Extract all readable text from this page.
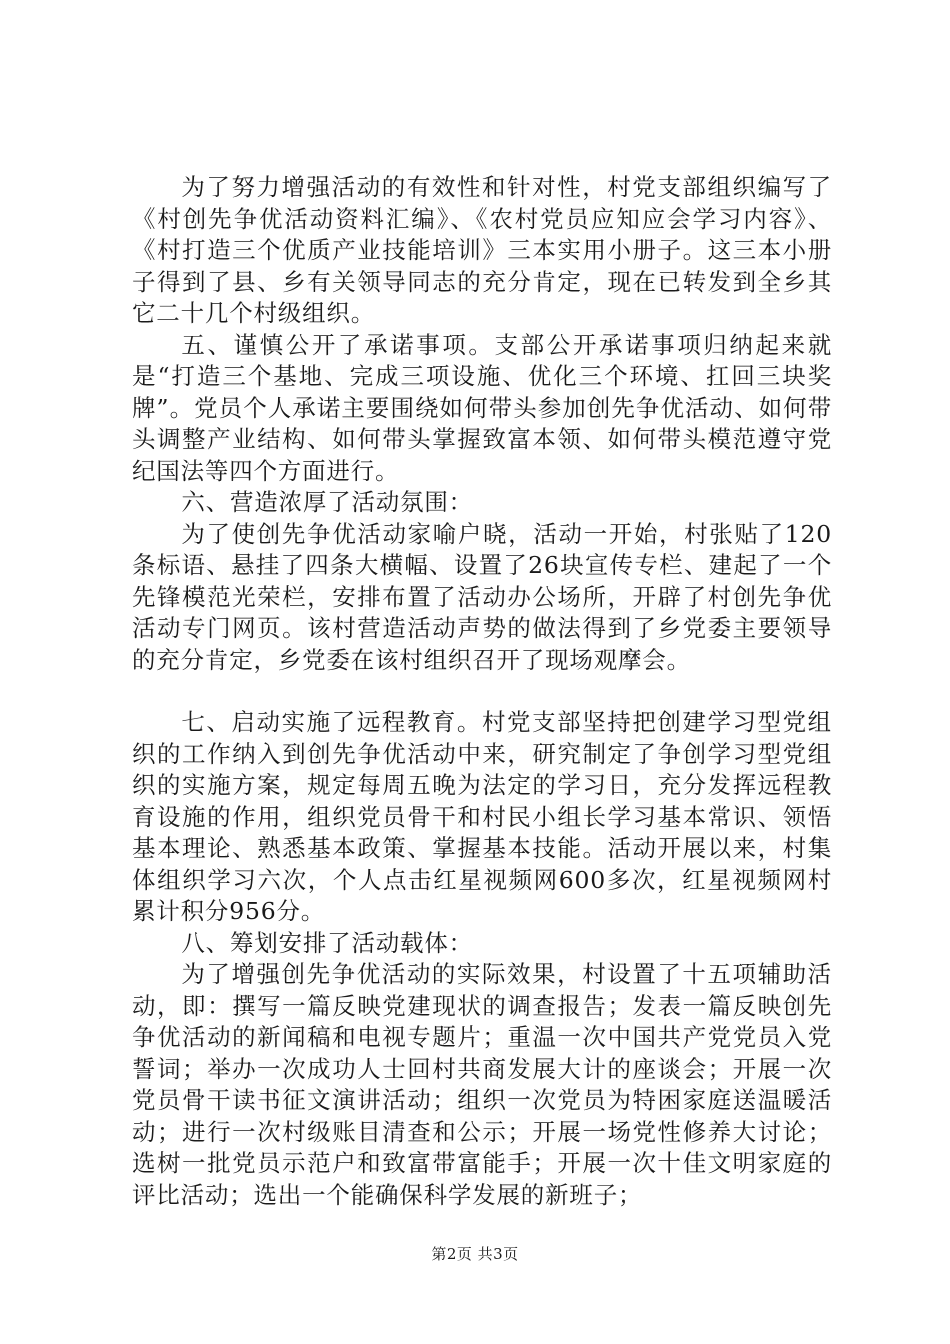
为了努力增强活动的有效性和针对性，村党支部组织编写了《村创先争优活动资料汇编》、《农村党员应知应会学习内容》、《村打造三个优质产业技能培训》三本实用小册子。这三本小册子得到了县、乡有关领导同志的充分肯定，现在已转发到全乡其它二十几个村级组织。

五、谨慎公开了承诺事项。支部公开承诺事项归纳起来就是“打造三个基地、完成三项设施、优化三个环境、扛回三块奖牌”。党员个人承诺主要围绕如何带头参加创先争优活动、如何带头调整产业结构、如何带头掌握致富本领、如何带头模范遵守党纪国法等四个方面进行。

六、营造浓厚了活动氛围：

为了使创先争优活动家喻户晓，活动一开始，村张贴了120条标语、悬挂了四条大横幅、设置了26块宣传专栏、建起了一个先锋模范光荣栏，安排布置了活动办公场所，开辟了村创先争优活动专门网页。该村营造活动声势的做法得到了乡党委主要领导的充分肯定，乡党委在该村组织召开了现场观摩会。

七、启动实施了远程教育。村党支部坚持把创建学习型党组织的工作纳入到创先争优活动中来，研究制定了争创学习型党组织的实施方案，规定每周五晚为法定的学习日，充分发挥远程教育设施的作用，组织党员骨干和村民小组长学习基本常识、领悟基本理论、熟悉基本政策、掌握基本技能。活动开展以来，村集体组织学习六次，个人点击红星视频网600多次，红星视频网村累计积分956分。

八、筹划安排了活动载体：

为了增强创先争优活动的实际效果，村设置了十五项辅助活动，即：撰写一篇反映党建现状的调查报告；发表一篇反映创先争优活动的新闻稿和电视专题片；重温一次中国共产党党员入党誓词；举办一次成功人士回村共商发展大计的座谈会；开展一次党员骨干读书征文演讲活动；组织一次党员为特困家庭送温暖活动；进行一次村级账目清查和公示；开展一场党性修养大讨论；选树一批党员示范户和致富带富能手；开展一次十佳文明家庭的评比活动；选出一个能确保科学发展的新班子；

第2页 共3页
